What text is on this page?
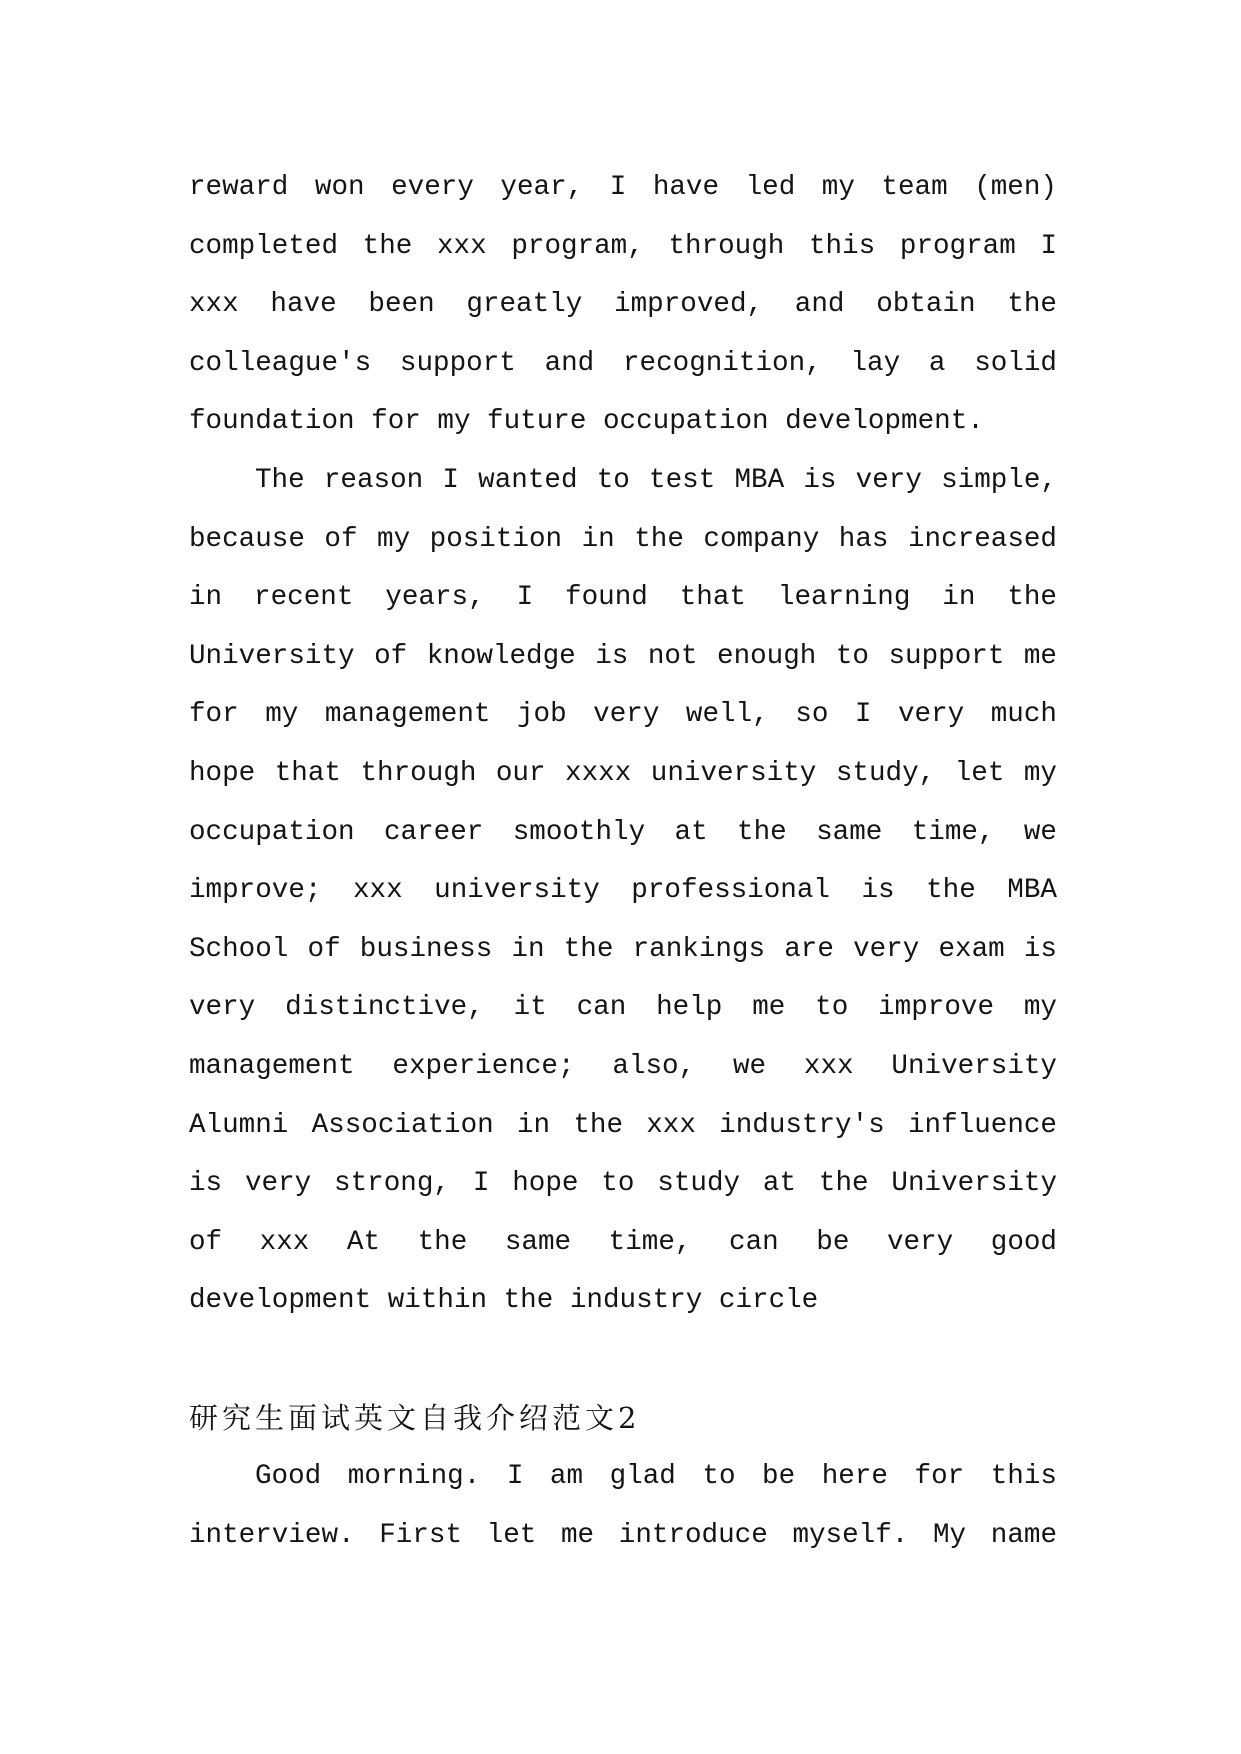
reward won every year, I have led my team (men)
completed the xxx program, through this program I
xxx have been greatly improved, and obtain the
colleague's support and recognition, lay a solid
foundation for my future occupation development.
The reason I wanted to test MBA is very simple,
because of my position in the company has increased
in recent years, I found that learning in the
University of knowledge is not enough to support me
for my management job very well, so I very much
hope that through our xxxx university study, let my
occupation career smoothly at the same time, we
improve; xxx university professional is the MBA
School of business in the rankings are very exam is
very distinctive, it can help me to improve my
management experience; also, we xxx University
Alumni Association in the xxx industry's influence
is very strong, I hope to study at the University
of xxx At the same time, can be very good
development within the industry circle
研究生面试英文自我介绍范文2
Good morning. I am glad to be here for this
interview. First let me introduce myself. My name
